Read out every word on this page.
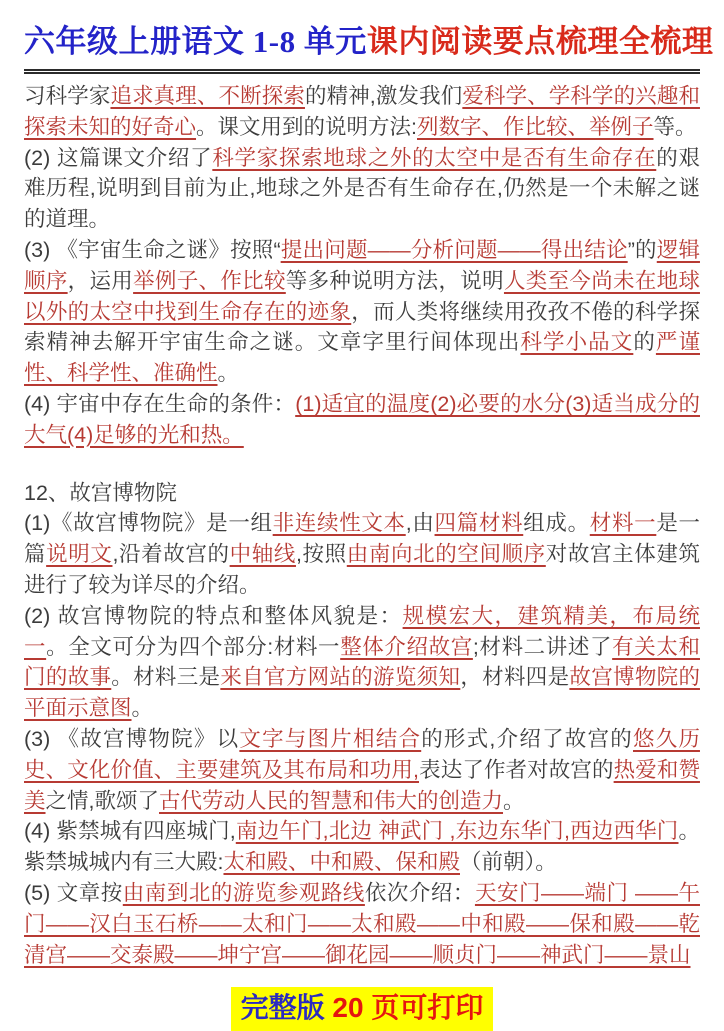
六年级上册语文 1-8 单元课内阅读要点梳理全梳理

习科学家追求真理、不断探索的精神,激发我们爱科学、学科学的兴趣和探索未知的好奇心。课文用到的说明方法:列数字、作比较、举例子等。

(2) 这篇课文介绍了科学家探索地球之外的太空中是否有生命存在的艰难历程,说明到目前为止,地球之外是否有生命存在,仍然是一个未解之谜的道理。

(3) 《宇宙生命之谜》按照“提出问题——分析问题——得出结论”的逻辑顺序，运用举例子、作比较等多种说明方法，说明人类至今尚未在地球以外的太空中找到生命存在的迹象，而人类将继续用孜孜不倦的科学探索精神去解开宇宙生命之谜。文章字里行间体现出科学小品文的严谨性、科学性、准确性。

(4) 宇宙中存在生命的条件：(1)适宜的温度(2)必要的水分(3)适当成分的大气(4)足够的光和热。

12、故宫博物院

(1)《故宫博物院》是一组非连续性文本,由四篇材料组成。材料一是一篇说明文,沿着故宫的中轴线,按照由南向北的空间顺序对故宫主体建筑进行了较为详尽的介绍。

(2) 故宫博物院的特点和整体风貌是：规模宏大，建筑精美，布局统一。全文可分为四个部分:材料一整体介绍故宫;材料二讲述了有关太和门的故事。材料三是来自官方网站的游览须知，材料四是故宫博物院的平面示意图。

(3) 《故宫博物院》以文字与图片相结合的形式,介绍了故宫的悠久历史、文化价值、主要建筑及其布局和功用,表达了作者对故宫的热爱和赞美之情,歌颂了古代劳动人民的智慧和伟大的创造力。

(4) 紫禁城有四座城门,南边午门,北边 神武门 ,东边东华门,西边西华门。紫禁城城内有三大殿:太和殿、中和殿、保和殿（前朝）。

(5) 文章按由南到北的游览参观路线依次介绍：天安门——端门 ——午门——汉白玉石桥——太和门——太和殿——中和殿——保和殿——乾清宫——交泰殿——坤宁宫——御花园——顺贞门——神武门——景山

完整版 20 页可打印
